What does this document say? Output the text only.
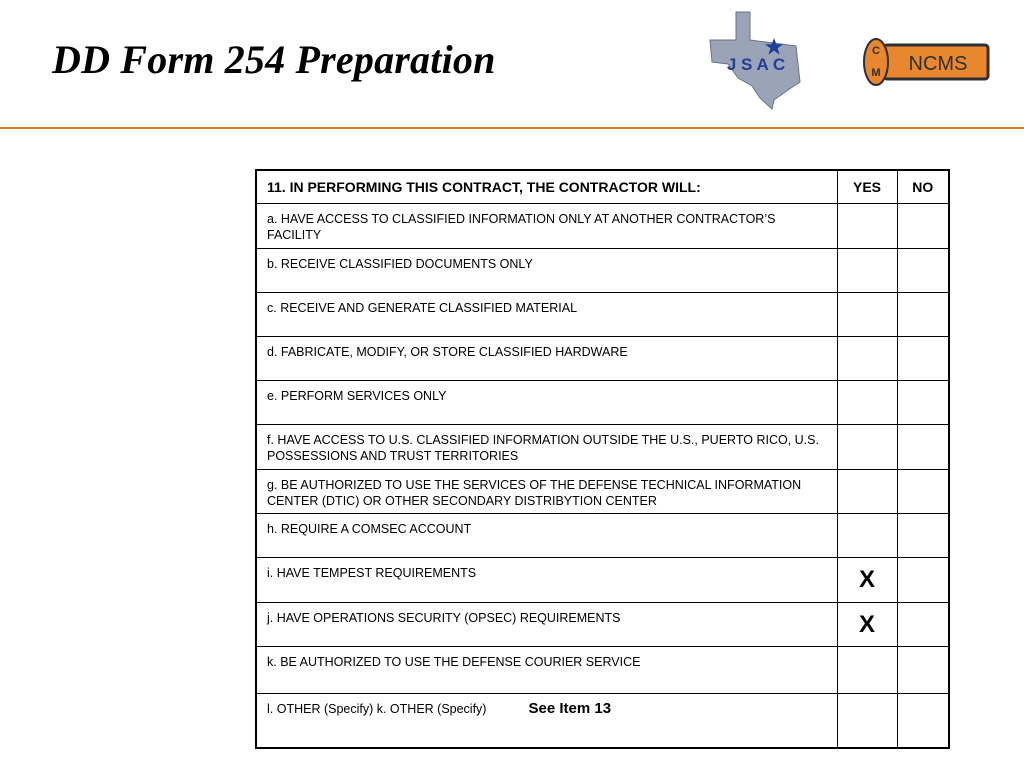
DD Form 254 Preparation	J S A C
C
M NCMS
11. IN PERFORMING THIS CONTRACT, THE CONTRACTOR WILL:	YES	NO
a. HAVE ACCESS TO CLASSIFIED INFORMATION ONLY AT ANOTHER CONTRACTOR’S FACILITY		
b. RECEIVE CLASSIFIED DOCUMENTS ONLY		
c. RECEIVE AND GENERATE CLASSIFIED MATERIAL		
d. FABRICATE, MODIFY, OR STORE CLASSIFIED HARDWARE		
e. PERFORM SERVICES ONLY		
f. HAVE ACCESS TO U.S. CLASSIFIED INFORMATION OUTSIDE THE U.S., PUERTO RICO, U.S. POSSESSIONS AND TRUST TERRITORIES		
g. BE AUTHORIZED TO USE THE SERVICES OF THE DEFENSE TECHNICAL INFORMATION CENTER (DTIC) OR OTHER SECONDARY DISTRIBYTION CENTER		
h. REQUIRE A COMSEC ACCOUNT		
i. HAVE TEMPEST REQUIREMENTS	X	
j. HAVE OPERATIONS SECURITY (OPSEC) REQUIREMENTS	X	
k. BE AUTHORIZED TO USE THE DEFENSE COURIER SERVICE		
l. OTHER (Specify) k. OTHER (Specify) See Item 13		
